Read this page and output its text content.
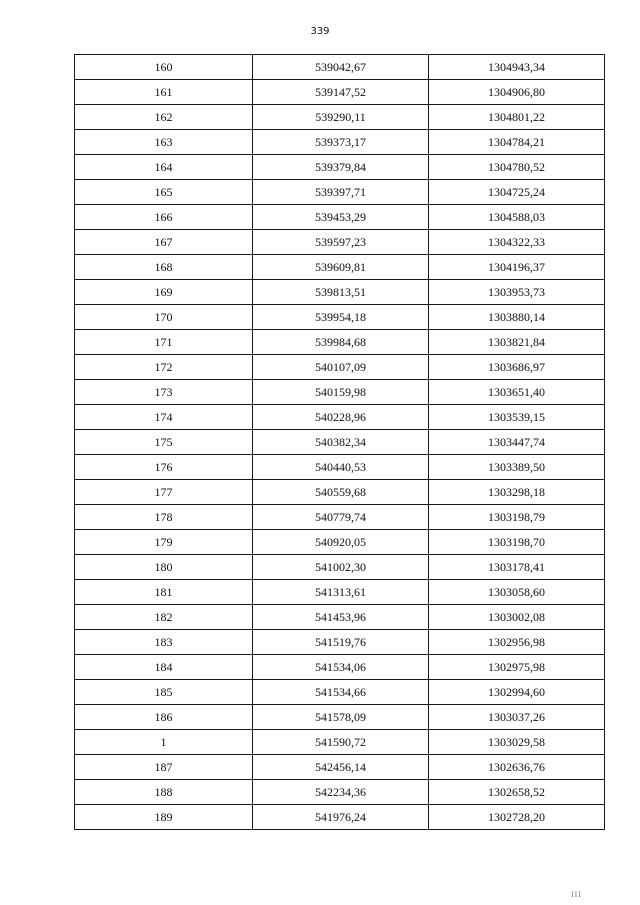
339
160	539042,67	1304943,34
161	539147,52	1304906,80
162	539290,11	1304801,22
163	539373,17	1304784,21
164	539379,84	1304780,52
165	539397,71	1304725,24
166	539453,29	1304588,03
167	539597,23	1304322,33
168	539609,81	1304196,37
169	539813,51	1303953,73
170	539954,18	1303880,14
171	539984,68	1303821,84
172	540107,09	1303686,97
173	540159,98	1303651,40
174	540228,96	1303539,15
175	540382,34	1303447,74
176	540440,53	1303389,50
177	540559,68	1303298,18
178	540779,74	1303198,79
179	540920,05	1303198,70
180	541002,30	1303178,41
181	541313,61	1303058,60
182	541453,96	1303002,08
183	541519,76	1302956,98
184	541534,06	1302975,98
185	541534,66	1302994,60
186	541578,09	1303037,26
1	541590,72	1303029,58
187	542456,14	1302636,76
188	542234,36	1302658,52
189	541976,24	1302728,20
III
